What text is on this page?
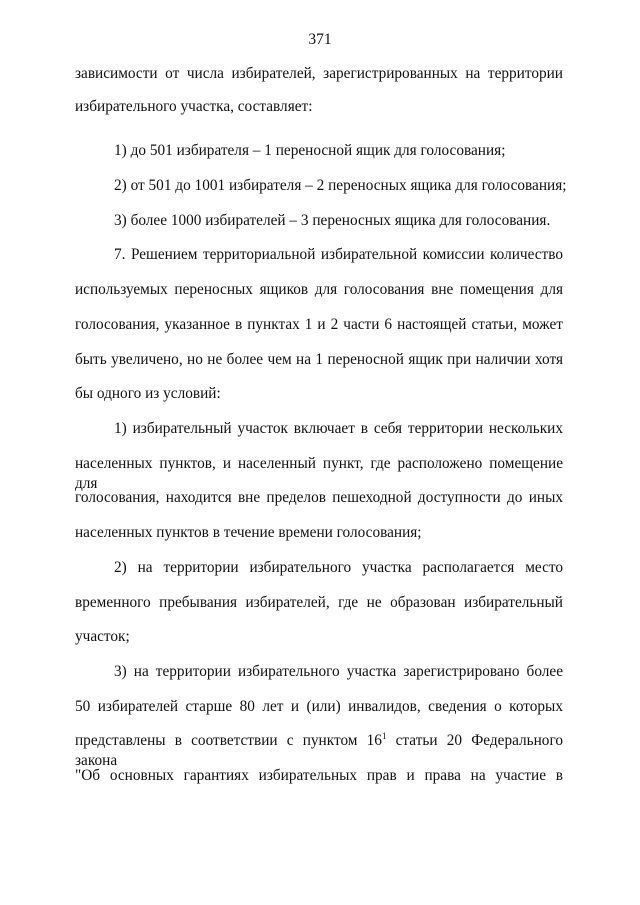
371
зависимости от числа избирателей, зарегистрированных на территории
избирательного участка, составляет:
1) до 501 избирателя – 1 переносной ящик для голосования;
2) от 501 до 1001 избирателя – 2 переносных ящика для голосования;
3) более 1000 избирателей – 3 переносных ящика для голосования.
7. Решением территориальной избирательной комиссии количество
используемых переносных ящиков для голосования вне помещения для
голосования, указанное в пунктах 1 и 2 части 6 настоящей статьи, может
быть увеличено, но не более чем на 1 переносной ящик при наличии хотя
бы одного из условий:
1) избирательный участок включает в себя территории нескольких
населенных пунктов, и населенный пункт, где расположено помещение для
голосования, находится вне пределов пешеходной доступности до иных
населенных пунктов в течение времени голосования;
2) на территории избирательного участка располагается место
временного пребывания избирателей, где не образован избирательный
участок;
3) на территории избирательного участка зарегистрировано более
50 избирателей старше 80 лет и (или) инвалидов, сведения о которых
представлены в соответствии с пунктом $16^1$ статьи 20 Федерального закона
"Об основных гарантиях избирательных прав и права на участие в
